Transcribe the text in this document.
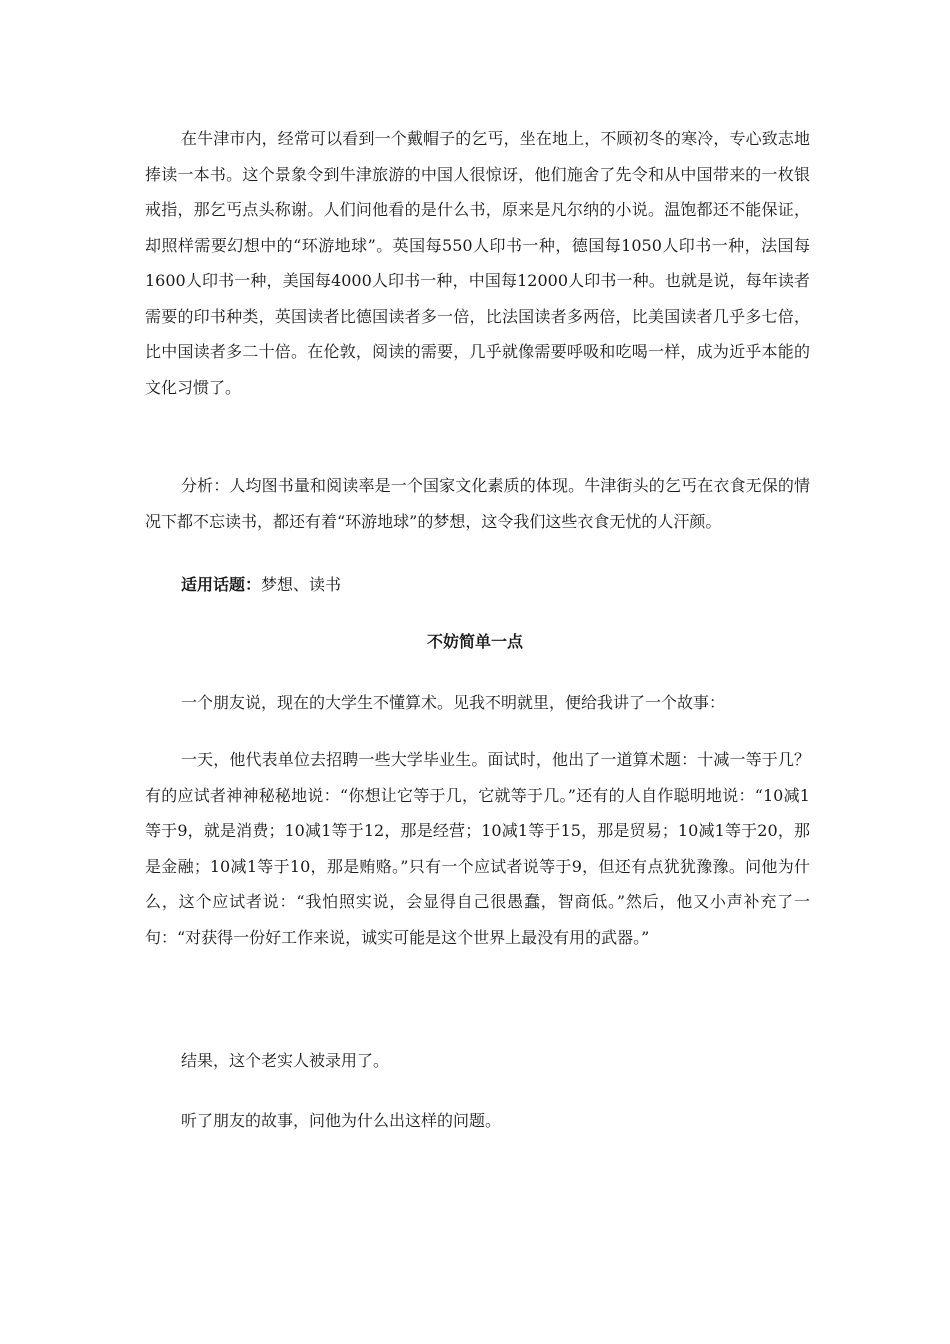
在牛津市内，经常可以看到一个戴帽子的乞丐，坐在地上，不顾初冬的寒冷，专心致志地捧读一本书。这个景象令到牛津旅游的中国人很惊讶，他们施舍了先令和从中国带来的一枚银戒指，那乞丐点头称谢。人们问他看的是什么书，原来是凡尔纳的小说。温饱都还不能保证，却照样需要幻想中的“环游地球”。英国每550人印书一种，德国每1050人印书一种，法国每1600人印书一种，美国每4000人印书一种，中国每12000人印书一种。也就是说，每年读者需要的印书种类，英国读者比德国读者多一倍，比法国读者多两倍，比美国读者几乎多七倍，比中国读者多二十倍。在伦敦，阅读的需要，几乎就像需要呼吸和吃喝一样，成为近乎本能的文化习惯了。

分析：人均图书量和阅读率是一个国家文化素质的体现。牛津街头的乞丐在衣食无保的情况下都不忘读书，都还有着“环游地球”的梦想，这令我们这些衣食无忧的人汗颜。

适用话题：梦想、读书

不妨简单一点

一个朋友说，现在的大学生不懂算术。见我不明就里，便给我讲了一个故事：

一天，他代表单位去招聘一些大学毕业生。面试时，他出了一道算术题：十减一等于几？有的应试者神神秘秘地说：“你想让它等于几，它就等于几。”还有的人自作聪明地说：“10减1等于9，就是消费；10减1等于12，那是经营；10减1等于15，那是贸易；10减1等于20，那是金融；10减1等于10，那是贿赂。”只有一个应试者说等于9，但还有点犹犹豫豫。问他为什么，这个应试者说：“我怕照实说，会显得自己很愚蠢，智商低。”然后，他又小声补充了一句：“对获得一份好工作来说，诚实可能是这个世界上最没有用的武器。”

结果，这个老实人被录用了。

听了朋友的故事，问他为什么出这样的问题。
